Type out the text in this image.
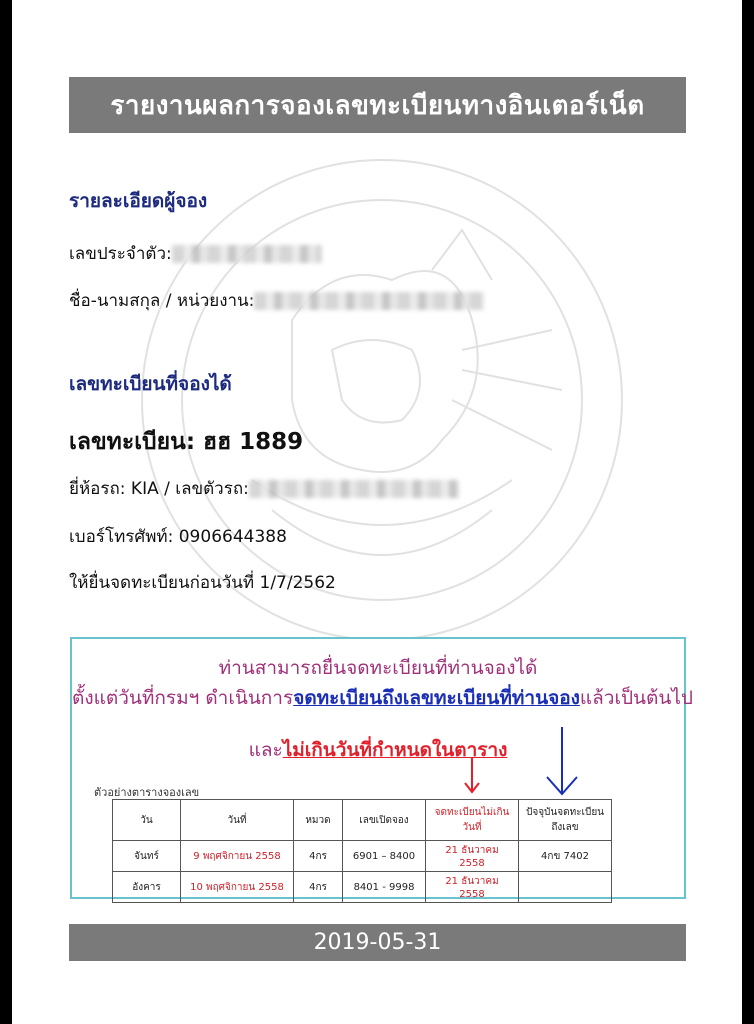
รายงานผลการจองเลขทะเบียนทางอินเตอร์เน็ต
รายละเอียดผู้จอง
เลขประจำตัว:
ชื่อ-นามสกุล / หน่วยงาน:
เลขทะเบียนที่จองได้
เลขทะเบียน: ฮฮ 1889
ยี่ห้อรถ: KIA / เลขตัวรถ:
เบอร์โทรศัพท์: 0906644388
ให้ยื่นจดทะเบียนก่อนวันที่ 1/7/2562
ท่านสามารถยื่นจดทะเบียนที่ท่านจองได้
ตั้งแต่วันที่กรมฯ ดำเนินการจดทะเบียนถึงเลขทะเบียนที่ท่านจองแล้วเป็นต้นไป
และไม่เกินวันที่กำหนดในตาราง
ตัวอย่างตารางจองเลข
วัน	วันที่	หมวด	เลขเปิดจอง	จดทะเบียนไม่เกิน วันที่	ปัจจุบันจดทะเบียน ถึงเลข
จันทร์	9 พฤศจิกายน 2558	4กร	6901 – 8400	21 ธันวาคม 2558	4กข 7402
อังคาร	10 พฤศจิกายน 2558	4กร	8401 - 9998	21 ธันวาคม 2558	
2019-05-31
